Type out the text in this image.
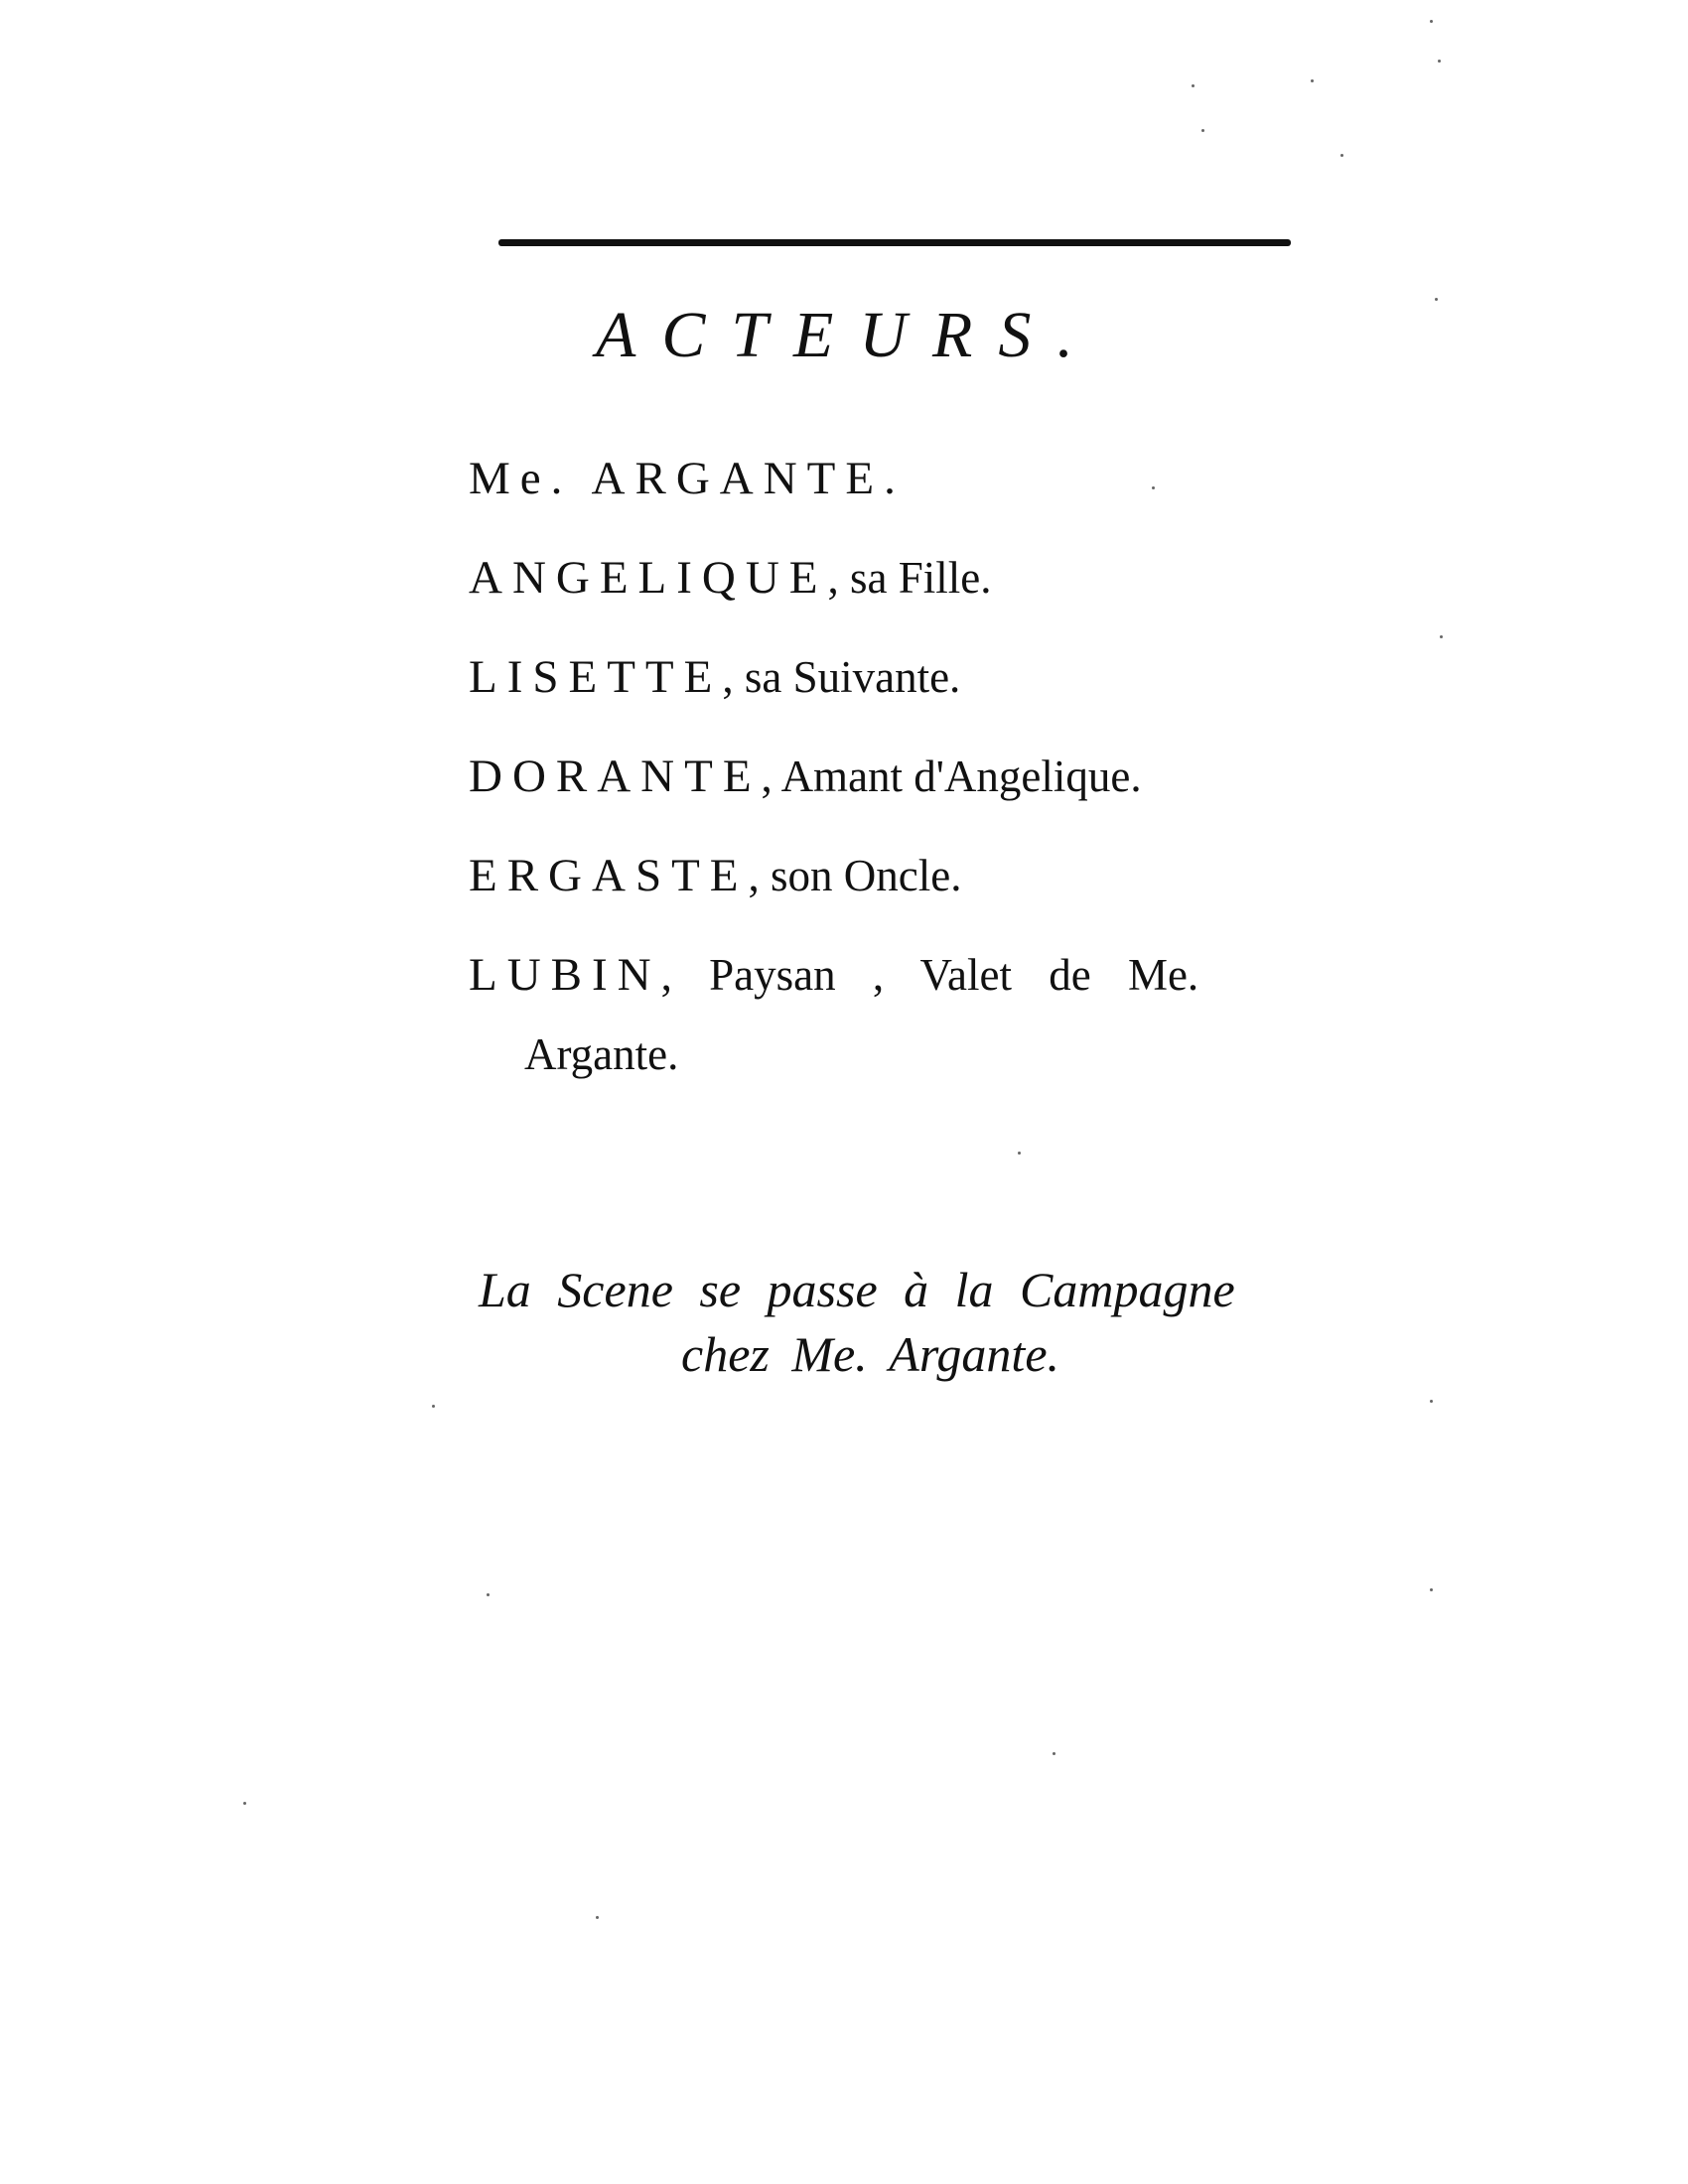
ACTEURS.
Me. ARGANTE.
ANGELIQUE, sa Fille.
LISETTE, sa Suivante.
DORANTE, Amant d'Angelique.
ERGASTE, son Oncle.
LUBIN, Paysan , Valet de Me.
Argante.
La Scene se passe à la Campagne
chez Me. Argante.
